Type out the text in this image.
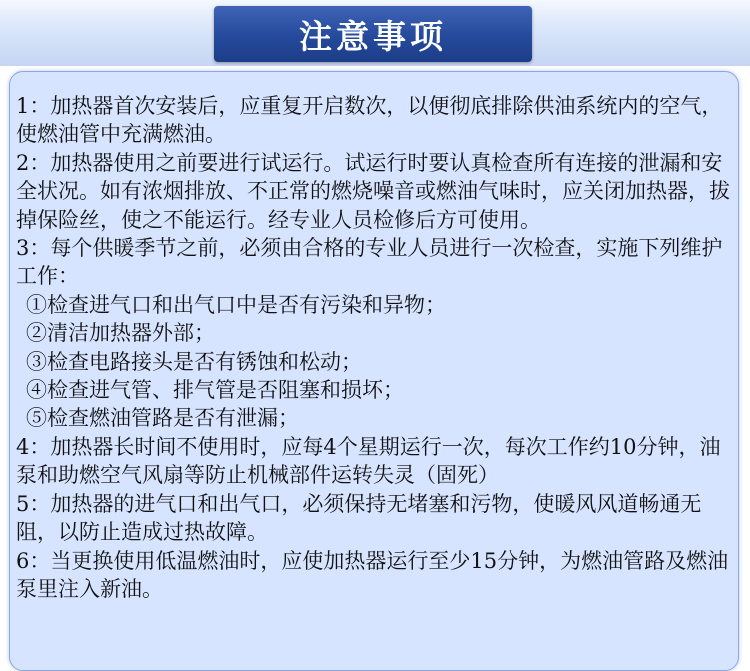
注意事项

1：加热器首次安装后，应重复开启数次，以便彻底排除供油系统内的空气，使燃油管中充满燃油。

2：加热器使用之前要进行试运行。试运行时要认真检查所有连接的泄漏和安全状况。如有浓烟排放、不正常的燃烧噪音或燃油气味时，应关闭加热器，拔掉保险丝，使之不能运行。经专业人员检修后方可使用。

3：每个供暖季节之前，必须由合格的专业人员进行一次检查，实施下列维护工作：

①检查进气口和出气口中是否有污染和异物；

②清洁加热器外部；

③检查电路接头是否有锈蚀和松动；

④检查进气管、排气管是否阻塞和损坏；

⑤检查燃油管路是否有泄漏；

4：加热器长时间不使用时，应每4个星期运行一次，每次工作约10分钟，油泵和助燃空气风扇等防止机械部件运转失灵（固死）

5：加热器的进气口和出气口，必须保持无堵塞和污物，使暖风风道畅通无阻，以防止造成过热故障。

6：当更换使用低温燃油时，应使加热器运行至少15分钟，为燃油管路及燃油泵里注入新油。
